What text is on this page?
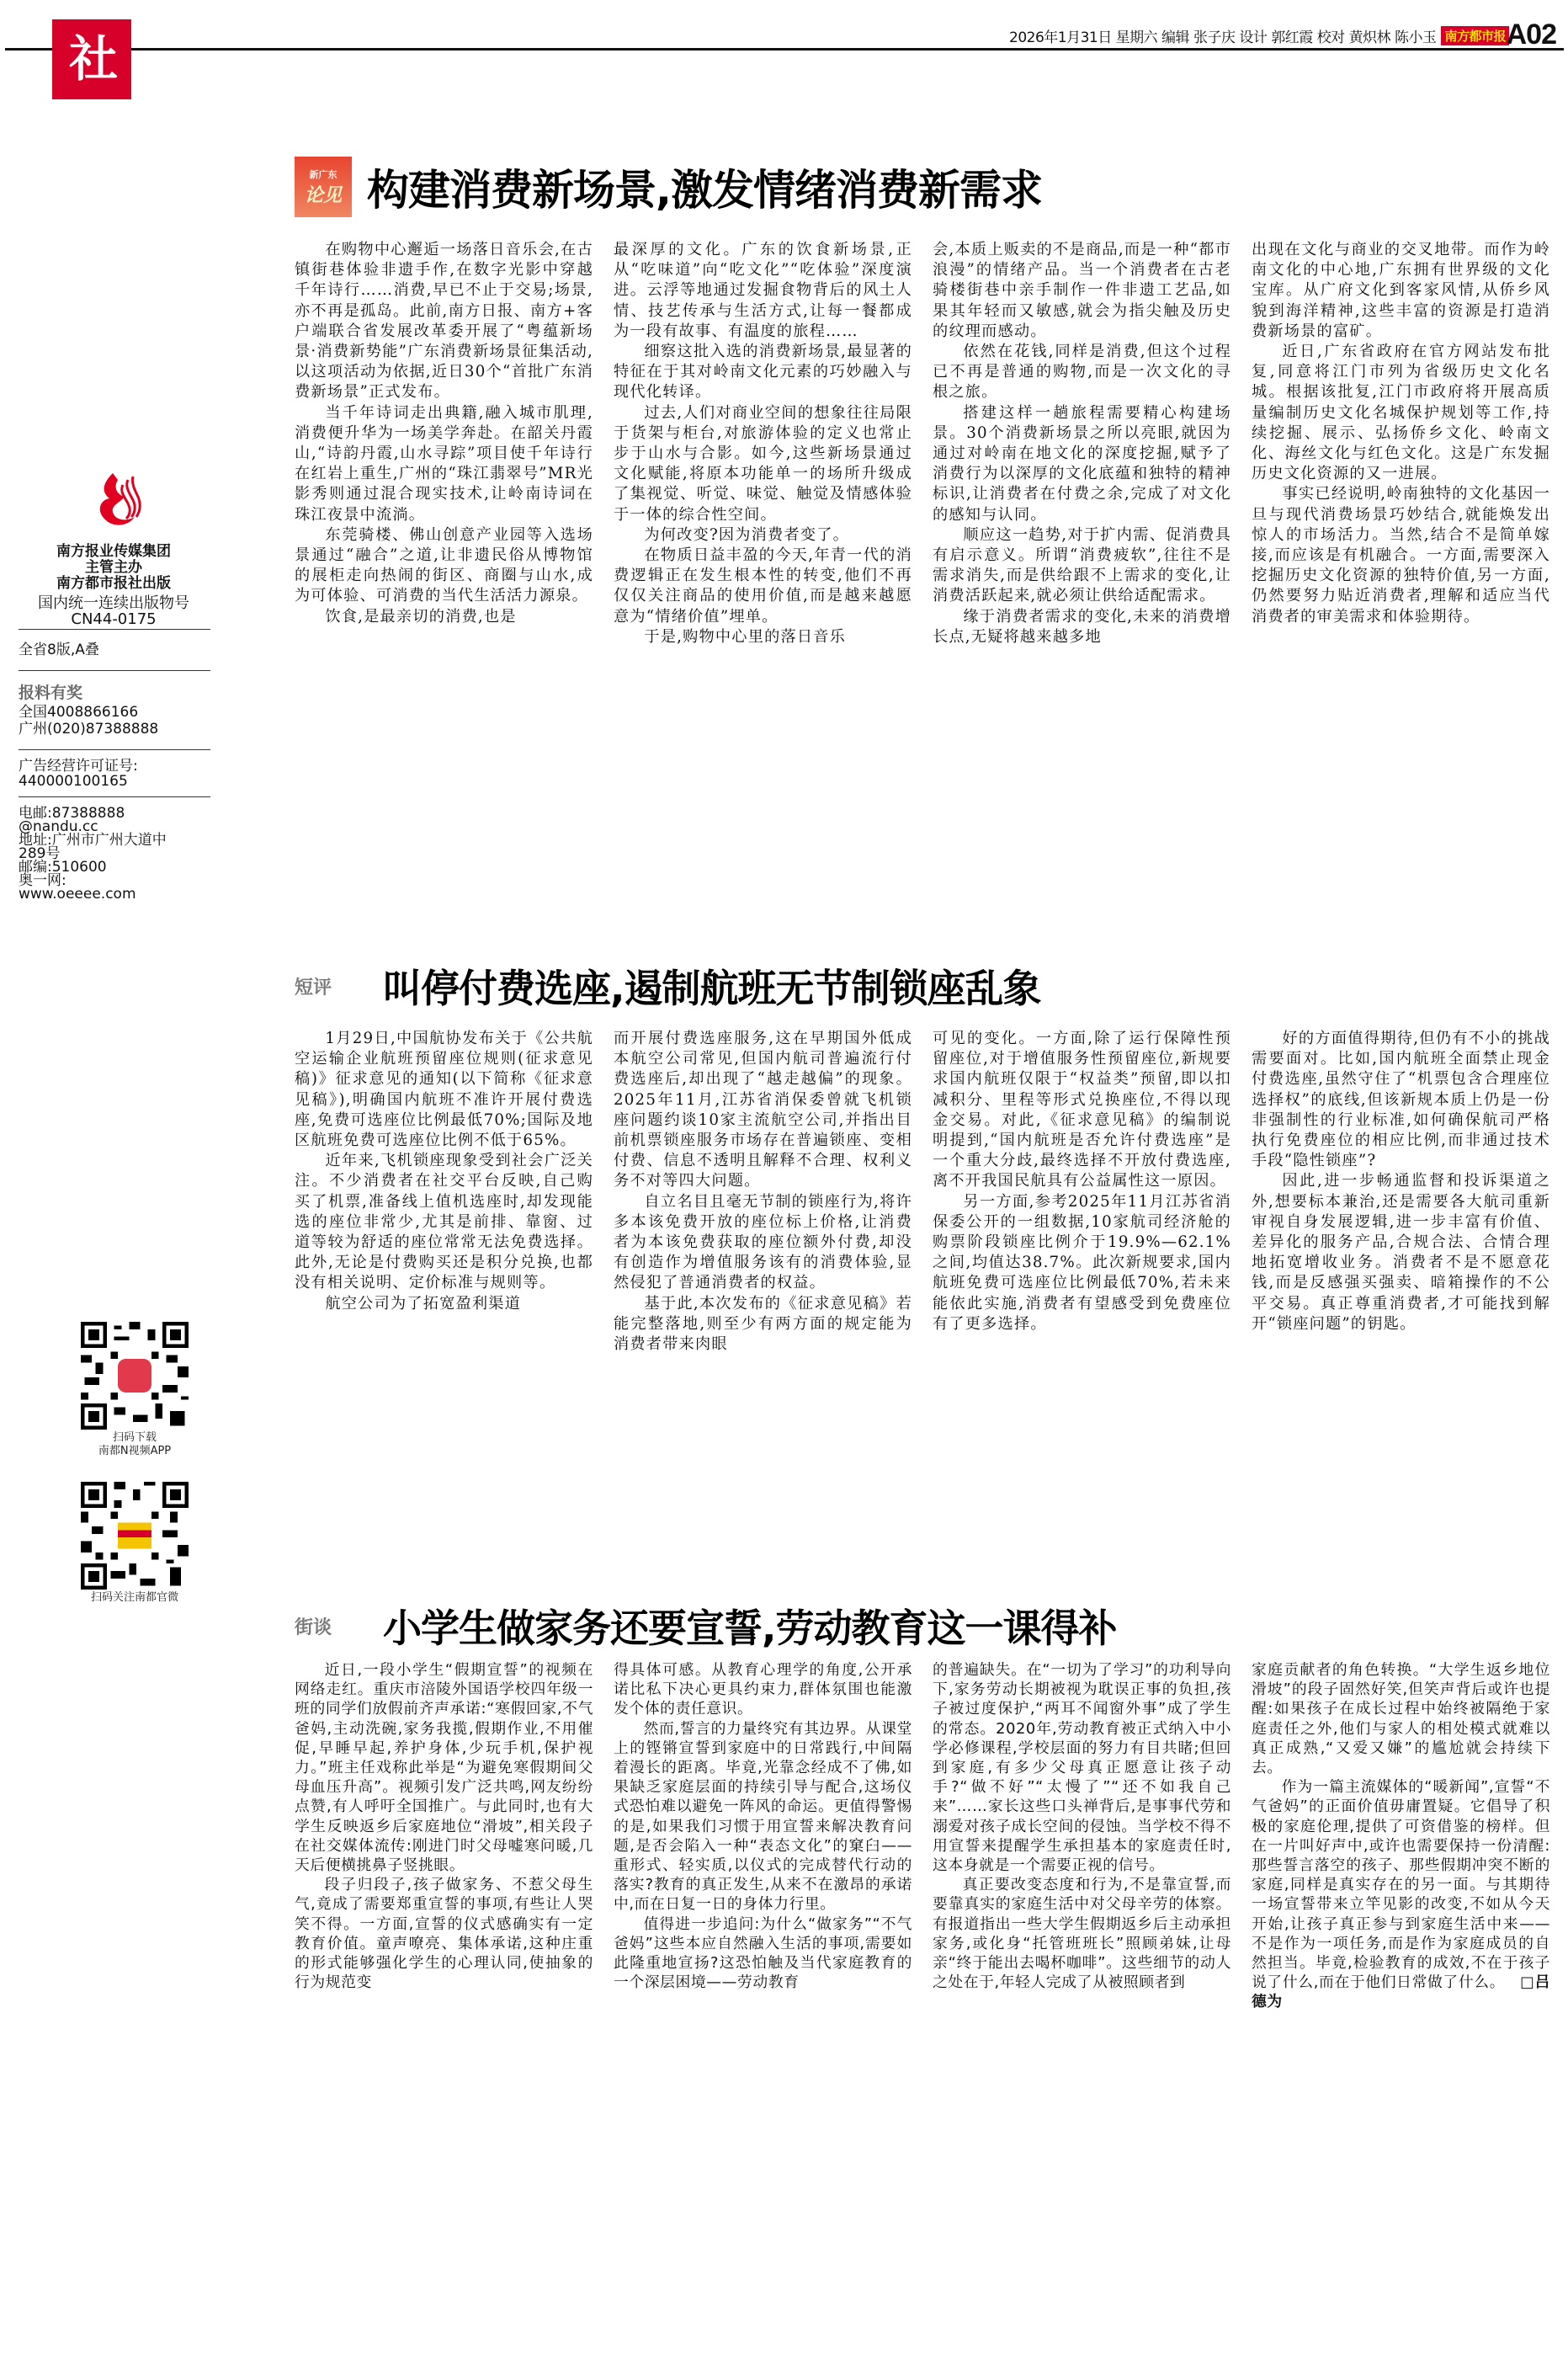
社论
2026年1月31日 星期六 编辑 张子庆 设计 郭红霞 校对 黄炽林 陈小玉 南方都市报 A02
南方报业传媒集团
主管主办
南方都市报社出版
国内统一连续出版物号
CN44-0175
全省8版,A叠
报料有奖
全国4008866166
广州(020)87388888
广告经营许可证号:
440000100165
电邮:87388888
@nandu.cc
地址:广州市广州大道中
289号
邮编:510600
奥一网:
www.oeeee.com
扫码下载
南都N视频APP
扫码关注南都官微
新广东
论见 构建消费新场景,激发情绪消费新需求

在购物中心邂逅一场落日音乐会,在古镇街巷体验非遗手作,在数字光影中穿越千年诗行……消费,早已不止于交易;场景,亦不再是孤岛。此前,南方日报、南方+客户端联合省发展改革委开展了“粤蕴新场景·消费新势能”广东消费新场景征集活动,以这项活动为依据,近日30个“首批广东消费新场景”正式发布。

当千年诗词走出典籍,融入城市肌理,消费便升华为一场美学奔赴。在韶关丹霞山,“诗韵丹霞,山水寻踪”项目使千年诗行在红岩上重生,广州的“珠江翡翠号”MR光影秀则通过混合现实技术,让岭南诗词在珠江夜景中流淌。

东莞骑楼、佛山创意产业园等入选场景通过“融合”之道,让非遗民俗从博物馆的展柜走向热闹的街区、商圈与山水,成为可体验、可消费的当代生活活力源泉。

饮食,是最亲切的消费,也是

最深厚的文化。广东的饮食新场景,正从“吃味道”向“吃文化”“吃体验”深度演进。云浮等地通过发掘食物背后的风土人情、技艺传承与生活方式,让每一餐都成为一段有故事、有温度的旅程……

细察这批入选的消费新场景,最显著的特征在于其对岭南文化元素的巧妙融入与现代化转译。

过去,人们对商业空间的想象往往局限于货架与柜台,对旅游体验的定义也常止步于山水与合影。如今,这些新场景通过文化赋能,将原本功能单一的场所升级成了集视觉、听觉、味觉、触觉及情感体验于一体的综合性空间。

为何改变?因为消费者变了。

在物质日益丰盈的今天,年青一代的消费逻辑正在发生根本性的转变,他们不再仅仅关注商品的使用价值,而是越来越愿意为“情绪价值”埋单。

于是,购物中心里的落日音乐

会,本质上贩卖的不是商品,而是一种“都市浪漫”的情绪产品。当一个消费者在古老骑楼街巷中亲手制作一件非遗工艺品,如果其年轻而又敏感,就会为指尖触及历史的纹理而感动。

依然在花钱,同样是消费,但这个过程已不再是普通的购物,而是一次文化的寻根之旅。

搭建这样一趟旅程需要精心构建场景。30个消费新场景之所以亮眼,就因为通过对岭南在地文化的深度挖掘,赋予了消费行为以深厚的文化底蕴和独特的精神标识,让消费者在付费之余,完成了对文化的感知与认同。

顺应这一趋势,对于扩内需、促消费具有启示意义。所谓“消费疲软”,往往不是需求消失,而是供给跟不上需求的变化,让消费活跃起来,就必须让供给适配需求。

缘于消费者需求的变化,未来的消费增长点,无疑将越来越多地

出现在文化与商业的交叉地带。而作为岭南文化的中心地,广东拥有世界级的文化宝库。从广府文化到客家风情,从侨乡风貌到海洋精神,这些丰富的资源是打造消费新场景的富矿。

近日,广东省政府在官方网站发布批复,同意将江门市列为省级历史文化名城。根据该批复,江门市政府将开展高质量编制历史文化名城保护规划等工作,持续挖掘、展示、弘扬侨乡文化、岭南文化、海丝文化与红色文化。这是广东发掘历史文化资源的又一进展。

事实已经说明,岭南独特的文化基因一旦与现代消费场景巧妙结合,就能焕发出惊人的市场活力。当然,结合不是简单嫁接,而应该是有机融合。一方面,需要深入挖掘历史文化资源的独特价值,另一方面,仍然要努力贴近消费者,理解和适应当代消费者的审美需求和体验期待。

短评	叫停付费选座,遏制航班无节制锁座乱象

1月29日,中国航协发布关于《公共航空运输企业航班预留座位规则(征求意见稿)》征求意见的通知(以下简称《征求意见稿》),明确国内航班不准许开展付费选座,免费可选座位比例最低70%;国际及地区航班免费可选座位比例不低于65%。

近年来,飞机锁座现象受到社会广泛关注。不少消费者在社交平台反映,自己购买了机票,准备线上值机选座时,却发现能选的座位非常少,尤其是前排、靠窗、过道等较为舒适的座位常常无法免费选择。此外,无论是付费购买还是积分兑换,也都没有相关说明、定价标准与规则等。

航空公司为了拓宽盈利渠道

而开展付费选座服务,这在早期国外低成本航空公司常见,但国内航司普遍流行付费选座后,却出现了“越走越偏”的现象。2025年11月,江苏省消保委曾就飞机锁座问题约谈10家主流航空公司,并指出目前机票锁座服务市场存在普遍锁座、变相付费、信息不透明且解释不合理、权利义务不对等四大问题。

自立名目且毫无节制的锁座行为,将许多本该免费开放的座位标上价格,让消费者为本该免费获取的座位额外付费,却没有创造作为增值服务该有的消费体验,显然侵犯了普通消费者的权益。

基于此,本次发布的《征求意见稿》若能完整落地,则至少有两方面的规定能为消费者带来肉眼

可见的变化。一方面,除了运行保障性预留座位,对于增值服务性预留座位,新规要求国内航班仅限于“权益类”预留,即以扣减积分、里程等形式兑换座位,不得以现金交易。对此,《征求意见稿》的编制说明提到,“国内航班是否允许付费选座”是一个重大分歧,最终选择不开放付费选座,离不开我国民航具有公益属性这一原因。

另一方面,参考2025年11月江苏省消保委公开的一组数据,10家航司经济舱的购票阶段锁座比例介于19.9%—62.1%之间,均值达38.7%。此次新规要求,国内航班免费可选座位比例最低70%,若未来能依此实施,消费者有望感受到免费座位有了更多选择。

好的方面值得期待,但仍有不小的挑战需要面对。比如,国内航班全面禁止现金付费选座,虽然守住了“机票包含合理座位选择权”的底线,但该新规本质上仍是一份非强制性的行业标准,如何确保航司严格执行免费座位的相应比例,而非通过技术手段“隐性锁座”?

因此,进一步畅通监督和投诉渠道之外,想要标本兼治,还是需要各大航司重新审视自身发展逻辑,进一步丰富有价值、差异化的服务产品,合规合法、合情合理地拓宽增收业务。消费者不是不愿意花钱,而是反感强买强卖、暗箱操作的不公平交易。真正尊重消费者,才可能找到解开“锁座问题”的钥匙。

街谈	小学生做家务还要宣誓,劳动教育这一课得补

近日,一段小学生“假期宣誓”的视频在网络走红。重庆市涪陵外国语学校四年级一班的同学们放假前齐声承诺:“寒假回家,不气爸妈,主动洗碗,家务我揽,假期作业,不用催促,早睡早起,养护身体,少玩手机,保护视力。”班主任戏称此举是“为避免寒假期间父母血压升高”。视频引发广泛共鸣,网友纷纷点赞,有人呼吁全国推广。与此同时,也有大学生反映返乡后家庭地位“滑坡”,相关段子在社交媒体流传:刚进门时父母嘘寒问暖,几天后便横挑鼻子竖挑眼。

段子归段子,孩子做家务、不惹父母生气,竟成了需要郑重宣誓的事项,有些让人哭笑不得。一方面,宣誓的仪式感确实有一定教育价值。童声嘹亮、集体承诺,这种庄重的形式能够强化学生的心理认同,使抽象的行为规范变

得具体可感。从教育心理学的角度,公开承诺比私下决心更具约束力,群体氛围也能激发个体的责任意识。

然而,誓言的力量终究有其边界。从课堂上的铿锵宣誓到家庭中的日常践行,中间隔着漫长的距离。毕竟,光靠念经成不了佛,如果缺乏家庭层面的持续引导与配合,这场仪式恐怕难以避免一阵风的命运。更值得警惕的是,如果我们习惯于用宣誓来解决教育问题,是否会陷入一种“表态文化”的窠臼——重形式、轻实质,以仪式的完成替代行动的落实?教育的真正发生,从来不在激昂的承诺中,而在日复一日的身体力行里。

值得进一步追问:为什么“做家务”“不气爸妈”这些本应自然融入生活的事项,需要如此隆重地宣扬?这恐怕触及当代家庭教育的一个深层困境——劳动教育

的普遍缺失。在“一切为了学习”的功利导向下,家务劳动长期被视为耽误正事的负担,孩子被过度保护,“两耳不闻窗外事”成了学生的常态。2020年,劳动教育被正式纳入中小学必修课程,学校层面的努力有目共睹;但回到家庭,有多少父母真正愿意让孩子动手?“做不好”“太慢了”“还不如我自己来”……家长这些口头禅背后,是事事代劳和溺爱对孩子成长空间的侵蚀。当学校不得不用宣誓来提醒学生承担基本的家庭责任时,这本身就是一个需要正视的信号。

真正要改变态度和行为,不是靠宣誓,而要靠真实的家庭生活中对父母辛劳的体察。有报道指出一些大学生假期返乡后主动承担家务,或化身“托管班班长”照顾弟妹,让母亲“终于能出去喝杯咖啡”。这些细节的动人之处在于,年轻人完成了从被照顾者到

家庭贡献者的角色转换。“大学生返乡地位滑坡”的段子固然好笑,但笑声背后或许也提醒:如果孩子在成长过程中始终被隔绝于家庭责任之外,他们与家人的相处模式就难以真正成熟,“又爱又嫌”的尴尬就会持续下去。

作为一篇主流媒体的“暖新闻”,宣誓“不气爸妈”的正面价值毋庸置疑。它倡导了积极的家庭伦理,提供了可资借鉴的榜样。但在一片叫好声中,或许也需要保持一份清醒:那些誓言落空的孩子、那些假期冲突不断的家庭,同样是真实存在的另一面。与其期待一场宣誓带来立竿见影的改变,不如从今天开始,让孩子真正参与到家庭生活中来——不是作为一项任务,而是作为家庭成员的自然担当。毕竟,检验教育的成效,不在于孩子说了什么,而在于他们日常做了什么。 □吕德为
